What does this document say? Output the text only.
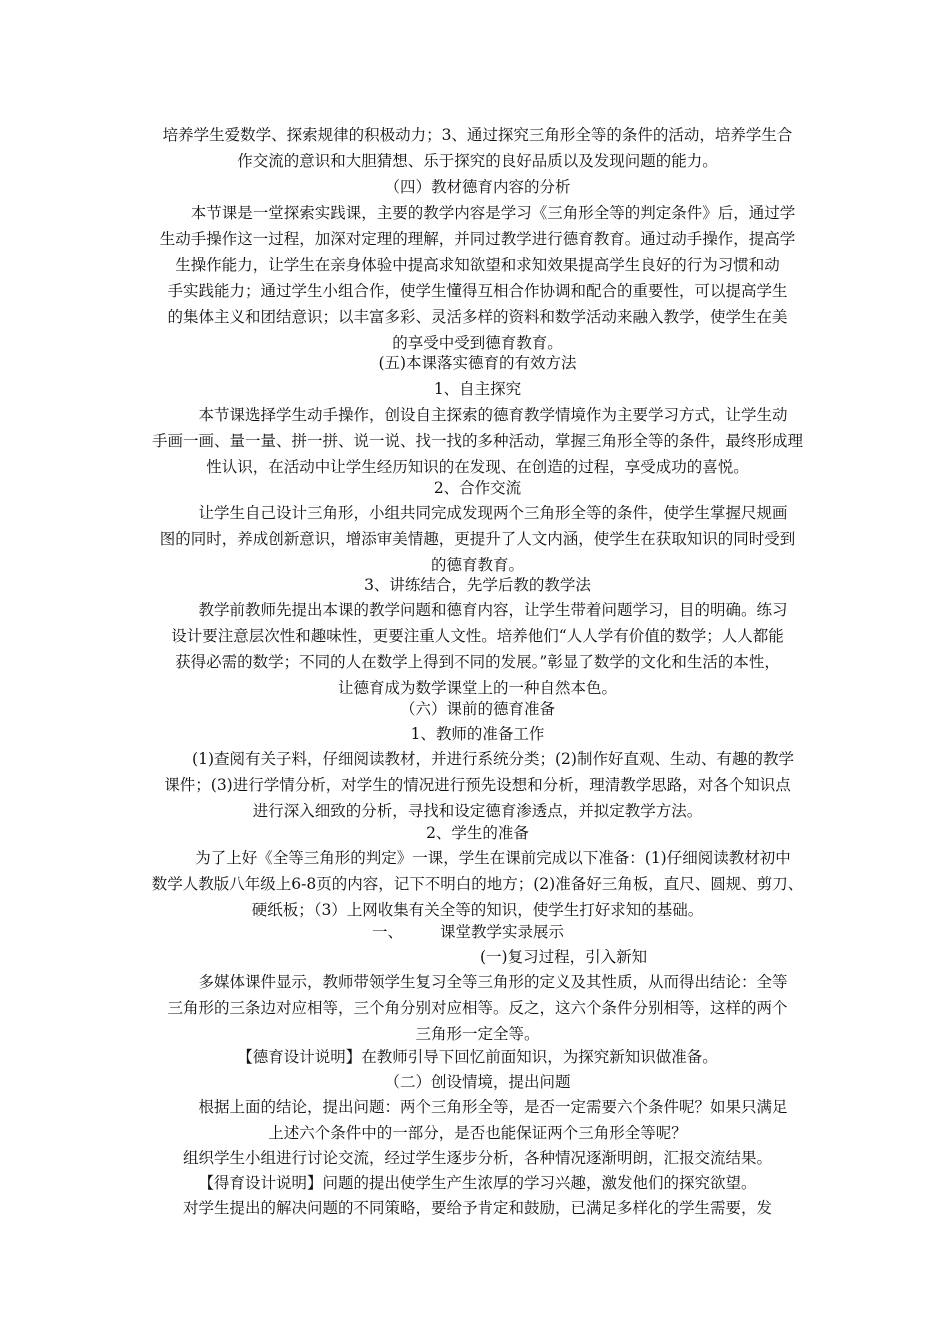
培养学生爱数学、探索规律的积极动力；3、通过探究三角形全等的条件的活动，培养学生合
作交流的意识和大胆猜想、乐于探究的良好品质以及发现问题的能力。

（四）教材德育内容的分析

本节课是一堂探索实践课，主要的教学内容是学习《三角形全等的判定条件》后，通过学
生动手操作这一过程，加深对定理的理解，并同过教学进行德育教育。通过动手操作，提高学
生操作能力，让学生在亲身体验中提高求知欲望和求知效果提高学生良好的行为习惯和动
手实践能力；通过学生小组合作，使学生懂得互相合作协调和配合的重要性，可以提高学生
的集体主义和团结意识；以丰富多彩、灵活多样的资料和数学活动来融入教学，使学生在美
的享受中受到德育教育。

(五)本课落实德育的有效方法

1、自主探究

本节课选择学生动手操作，创设自主探索的德育教学情境作为主要学习方式，让学生动
手画一画、量一量、拼一拼、说一说、找一找的多种活动，掌握三角形全等的条件，最终形成理
性认识，在活动中让学生经历知识的在发现、在创造的过程，享受成功的喜悦。

2、合作交流

让学生自己设计三角形，小组共同完成发现两个三角形全等的条件，使学生掌握尺规画
图的同时，养成创新意识，增添审美情趣，更提升了人文内涵，使学生在获取知识的同时受到
的德育教育。

3、讲练结合，先学后教的教学法

教学前教师先提出本课的教学问题和德育内容，让学生带着问题学习，目的明确。练习
设计要注意层次性和趣味性，更要注重人文性。培养他们“人人学有价值的数学；人人都能
获得必需的数学；不同的人在数学上得到不同的发展。”彰显了数学的文化和生活的本性，
让德育成为数学课堂上的一种自然本色。

（六）课前的德育准备

1、教师的准备工作

(1)查阅有关子料，仔细阅读教材，并进行系统分类；(2)制作好直观、生动、有趣的教学
课件；(3)进行学情分析，对学生的情况进行预先设想和分析，理清教学思路，对各个知识点
进行深入细致的分析，寻找和设定德育渗透点，并拟定教学方法。

2、学生的准备

为了上好《全等三角形的判定》一课，学生在课前完成以下准备：(1)仔细阅读教材初中
数学人教版八年级上6-8页的内容，记下不明白的地方；(2)准备好三角板，直尺、圆规、剪刀、
硬纸板；（3）上网收集有关全等的知识，使学生打好求知的基础。

一、 课堂教学实录展示

(一)复习过程，引入新知

多媒体课件显示，教师带领学生复习全等三角形的定义及其性质，从而得出结论：全等
三角形的三条边对应相等，三个角分别对应相等。反之，这六个条件分别相等，这样的两个
三角形一定全等。

【德育设计说明】在教师引导下回忆前面知识，为探究新知识做准备。

（二）创设情境，提出问题

根据上面的结论，提出问题：两个三角形全等，是否一定需要六个条件呢？如果只满足
上述六个条件中的一部分，是否也能保证两个三角形全等呢？

组织学生小组进行讨论交流，经过学生逐步分析，各种情况逐渐明朗，汇报交流结果。

【得育设计说明】问题的提出使学生产生浓厚的学习兴趣，激发他们的探究欲望。

对学生提出的解决问题的不同策略，要给予肯定和鼓励，已满足多样化的学生需要，发
